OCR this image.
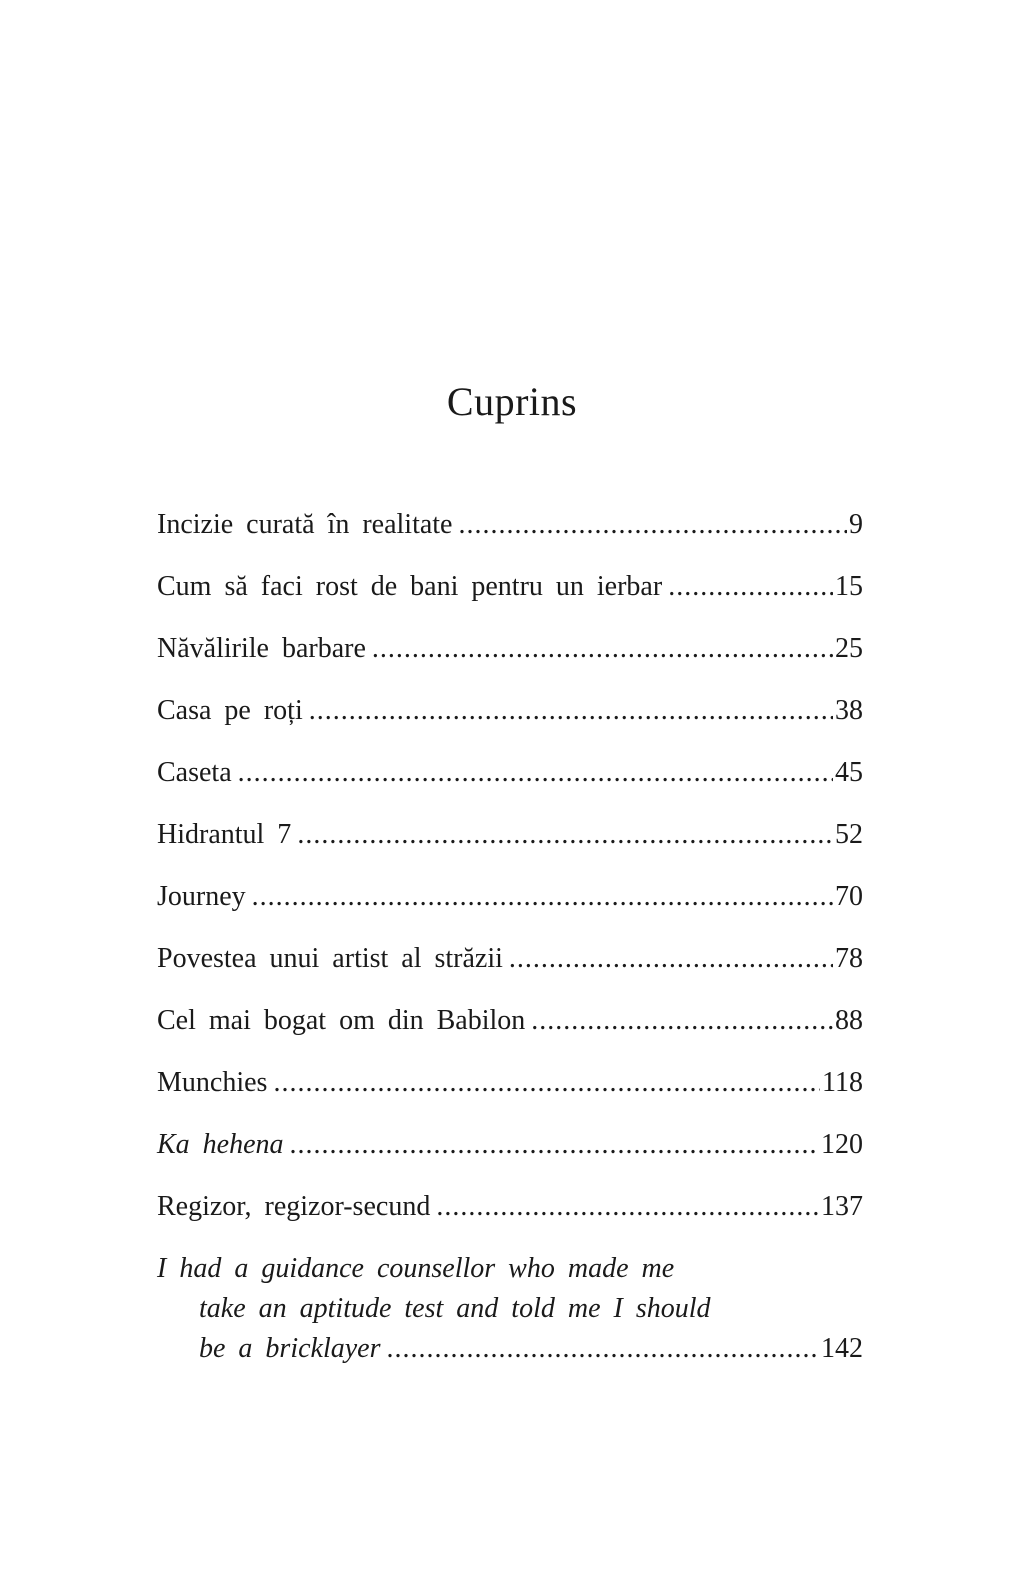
Cuprins
Incizie curată în realitate .....	9
Cum să faci rost de bani pentru un ierbar .....	15
Năvălirile barbare .....	25
Casa pe roți .....	38
Caseta .....	45
Hidrantul 7 .....	52
Journey .....	70
Povestea unui artist al străzii .....	78
Cel mai bogat om din Babilon .....	88
Munchies .....	118
Ka hehena .....	120
Regizor, regizor-secund .....	137
I had a guidance counsellor who made me
take an aptitude test and told me I should
be a bricklayer .....	142
